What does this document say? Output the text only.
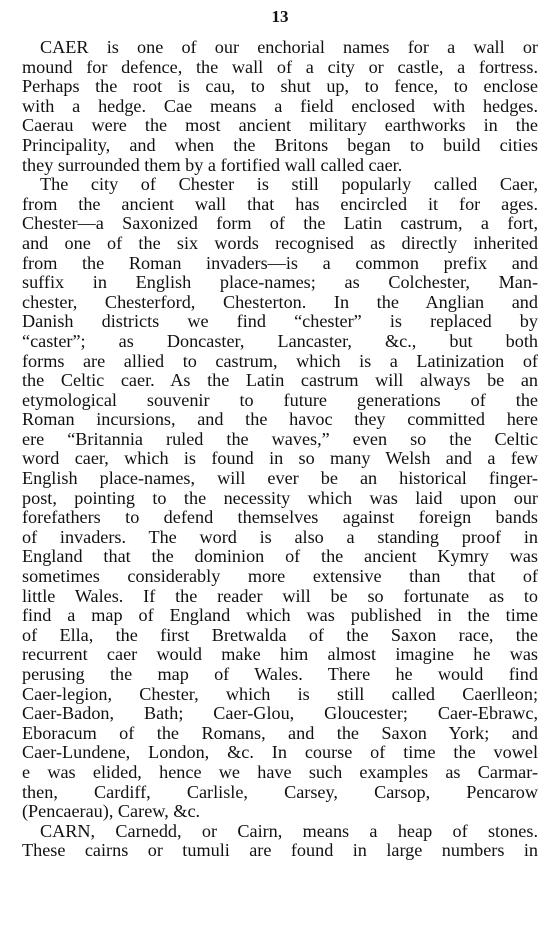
13
CAER is one of our enchorial names for a wall or
mound for defence, the wall of a city or castle, a fortress.
Perhaps the root is cau, to shut up, to fence, to enclose
with a hedge. Cae means a field enclosed with hedges.
Caerau were the most ancient military earthworks in the
Principality, and when the Britons began to build cities
they surrounded them by a fortified wall called caer.
The city of Chester is still popularly called Caer,
from the ancient wall that has encircled it for ages.
Chester—a Saxonized form of the Latin castrum, a fort,
and one of the six words recognised as directly inherited
from the Roman invaders—is a common prefix and
suffix in English place-names; as Colchester, Man-
chester, Chesterford, Chesterton. In the Anglian and
Danish districts we find “chester” is replaced by
“caster”; as Doncaster, Lancaster, &c., but both
forms are allied to castrum, which is a Latinization of
the Celtic caer. As the Latin castrum will always be an
etymological souvenir to future generations of the
Roman incursions, and the havoc they committed here
ere “Britannia ruled the waves,” even so the Celtic
word caer, which is found in so many Welsh and a few
English place-names, will ever be an historical finger-
post, pointing to the necessity which was laid upon our
forefathers to defend themselves against foreign bands
of invaders. The word is also a standing proof in
England that the dominion of the ancient Kymry was
sometimes considerably more extensive than that of
little Wales. If the reader will be so fortunate as to
find a map of England which was published in the time
of Ella, the first Bretwalda of the Saxon race, the
recurrent caer would make him almost imagine he was
perusing the map of Wales. There he would find
Caer-legion, Chester, which is still called Caerlleon;
Caer-Badon, Bath; Caer-Glou, Gloucester; Caer-Ebrawc,
Eboracum of the Romans, and the Saxon York; and
Caer-Lundene, London, &c. In course of time the vowel
e was elided, hence we have such examples as Carmar-
then, Cardiff, Carlisle, Carsey, Carsop, Pencarow
(Pencaerau), Carew, &c.
CARN, Carnedd, or Cairn, means a heap of stones.
These cairns or tumuli are found in large numbers in
